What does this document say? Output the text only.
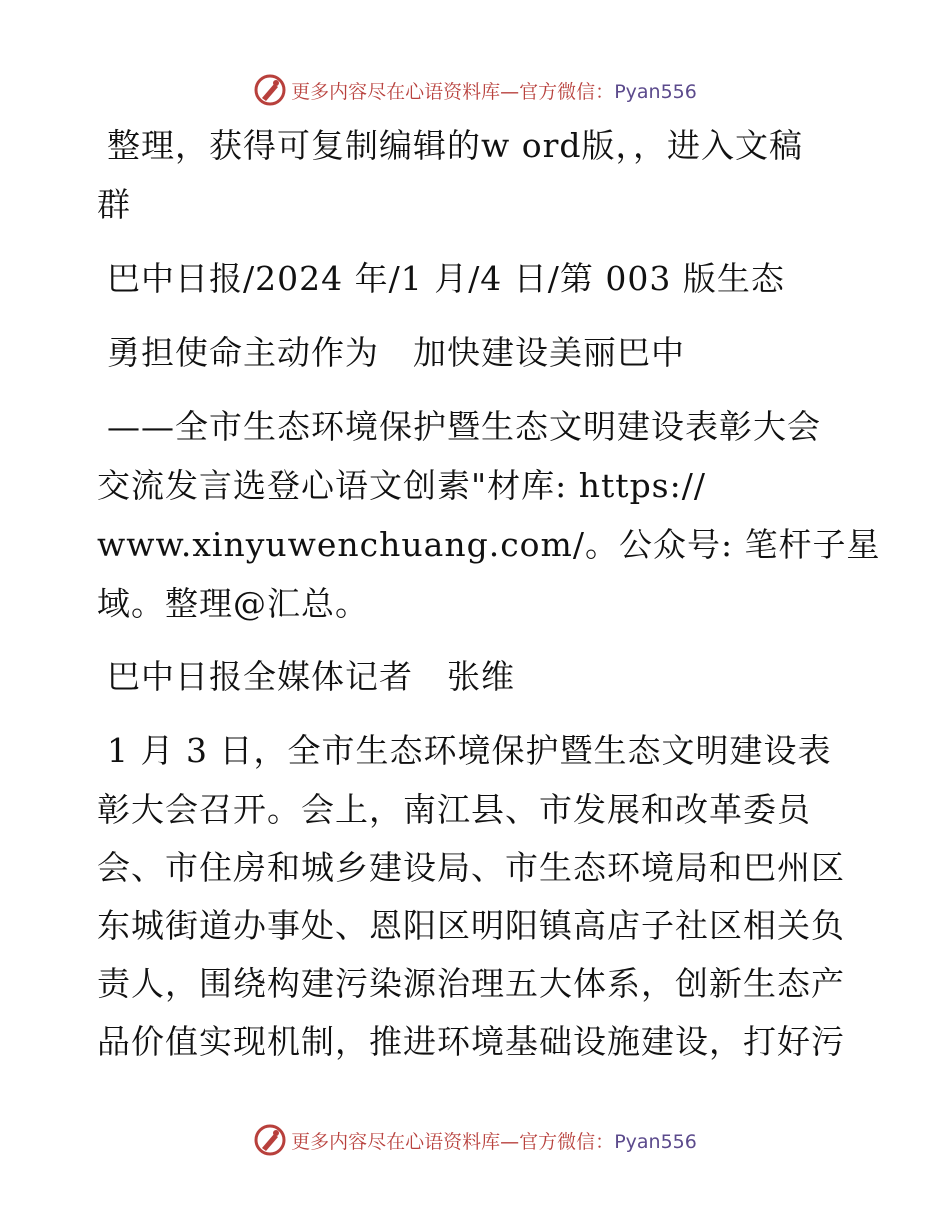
更多内容尽在心语资料库—官方微信：Pyan556
整理，获得可复制编辑的w ord版，，进入文稿
群
巴中日报/2024 年/1 月/4 日/第 003 版生态
勇担使命主动作为　加快建设美丽巴中
——全市生态环境保护暨生态文明建设表彰大会
交流发言选登心语文创素"材库: https://
www.xinyuwenchuang.com/。公众号: 笔杆子星
域。整理@汇总。
巴中日报全媒体记者　张维
1 月 3 日，全市生态环境保护暨生态文明建设表
彰大会召开。会上，南江县、市发展和改革委员
会、市住房和城乡建设局、市生态环境局和巴州区
东城街道办事处、恩阳区明阳镇高店子社区相关负
责人，围绕构建污染源治理五大体系，创新生态产
品价值实现机制，推进环境基础设施建设，打好污
更多内容尽在心语资料库—官方微信：Pyan556
